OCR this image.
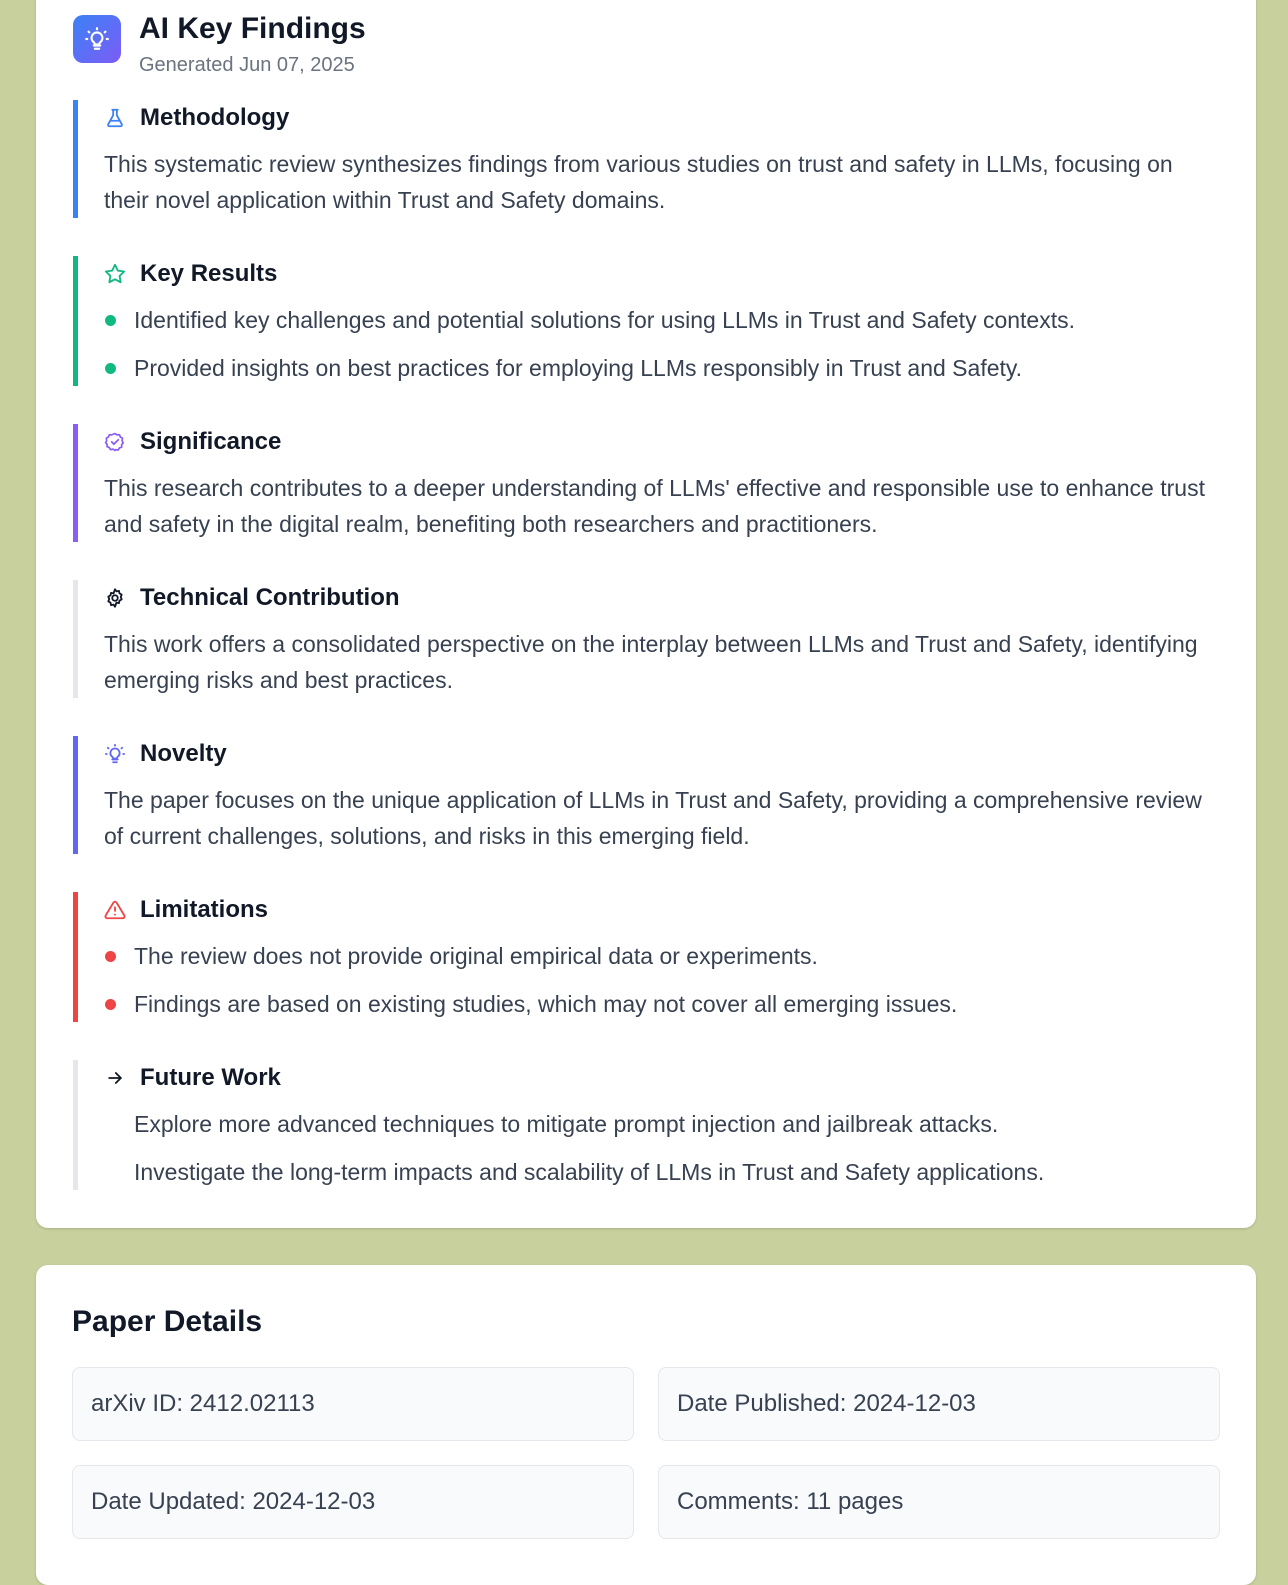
AI Key Findings
Generated Jun 07, 2025
Methodology
This systematic review synthesizes findings from various studies on trust and safety in LLMs, focusing on their novel application within Trust and Safety domains.
Key Results
Identified key challenges and potential solutions for using LLMs in Trust and Safety contexts.
Provided insights on best practices for employing LLMs responsibly in Trust and Safety.
Significance
This research contributes to a deeper understanding of LLMs' effective and responsible use to enhance trust and safety in the digital realm, benefiting both researchers and practitioners.
Technical Contribution
This work offers a consolidated perspective on the interplay between LLMs and Trust and Safety, identifying emerging risks and best practices.
Novelty
The paper focuses on the unique application of LLMs in Trust and Safety, providing a comprehensive review of current challenges, solutions, and risks in this emerging field.
Limitations
The review does not provide original empirical data or experiments.
Findings are based on existing studies, which may not cover all emerging issues.
Future Work
Explore more advanced techniques to mitigate prompt injection and jailbreak attacks.
Investigate the long-term impacts and scalability of LLMs in Trust and Safety applications.
Paper Details
arXiv ID: 2412.02113	Date Published: 2024-12-03
Date Updated: 2024-12-03	Comments: 11 pages
